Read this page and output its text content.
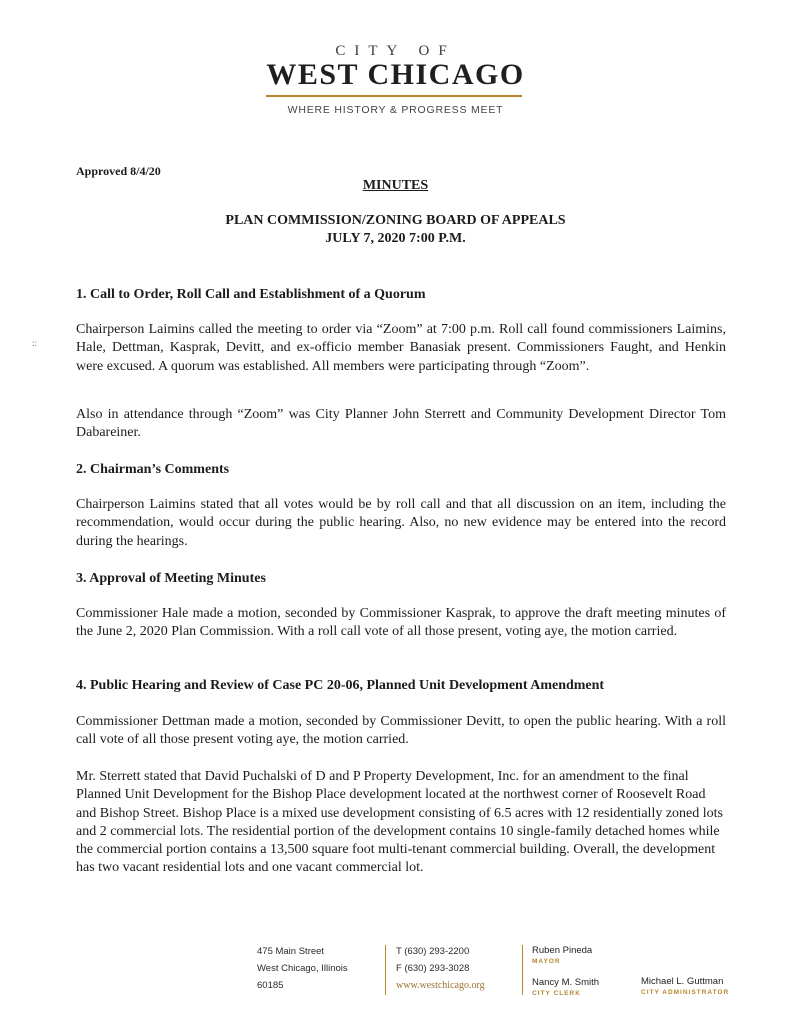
CITY OF
WEST CHICAGO
WHERE HISTORY & PROGRESS MEET
Approved 8/4/20
MINUTES
PLAN COMMISSION/ZONING BOARD OF APPEALS
JULY 7, 2020 7:00 P.M.
::
1. Call to Order, Roll Call and Establishment of a Quorum
Chairperson Laimins called the meeting to order via “Zoom” at 7:00 p.m. Roll call found commissioners Laimins, Hale, Dettman, Kasprak, Devitt, and ex-officio member Banasiak present. Commissioners Faught, and Henkin were excused. A quorum was established. All members were participating through “Zoom”.
Also in attendance through “Zoom” was City Planner John Sterrett and Community Development Director Tom Dabareiner.
2. Chairman’s Comments
Chairperson Laimins stated that all votes would be by roll call and that all discussion on an item, including the recommendation, would occur during the public hearing. Also, no new evidence may be entered into the record during the hearings.
3. Approval of Meeting Minutes
Commissioner Hale made a motion, seconded by Commissioner Kasprak, to approve the draft meeting minutes of the June 2, 2020 Plan Commission. With a roll call vote of all those present, voting aye, the motion carried.
4. Public Hearing and Review of Case PC 20-06, Planned Unit Development Amendment
Commissioner Dettman made a motion, seconded by Commissioner Devitt, to open the public hearing. With a roll call vote of all those present voting aye, the motion carried.
Mr. Sterrett stated that David Puchalski of D and P Property Development, Inc. for an amendment to the final Planned Unit Development for the Bishop Place development located at the northwest corner of Roosevelt Road and Bishop Street. Bishop Place is a mixed use development consisting of 6.5 acres with 12 residentially zoned lots and 2 commercial lots. The residential portion of the development contains 10 single-family detached homes while the commercial portion contains a 13,500 square foot multi-tenant commercial building. Overall, the development has two vacant residential lots and one vacant commercial lot.
475 Main Street
West Chicago, Illinois
60185
T (630) 293-2200
F (630) 293-3028
www.westchicago.org
Ruben Pineda
MAYOR
Nancy M. Smith
CITY CLERK
Michael L. Guttman
CITY ADMINISTRATOR
